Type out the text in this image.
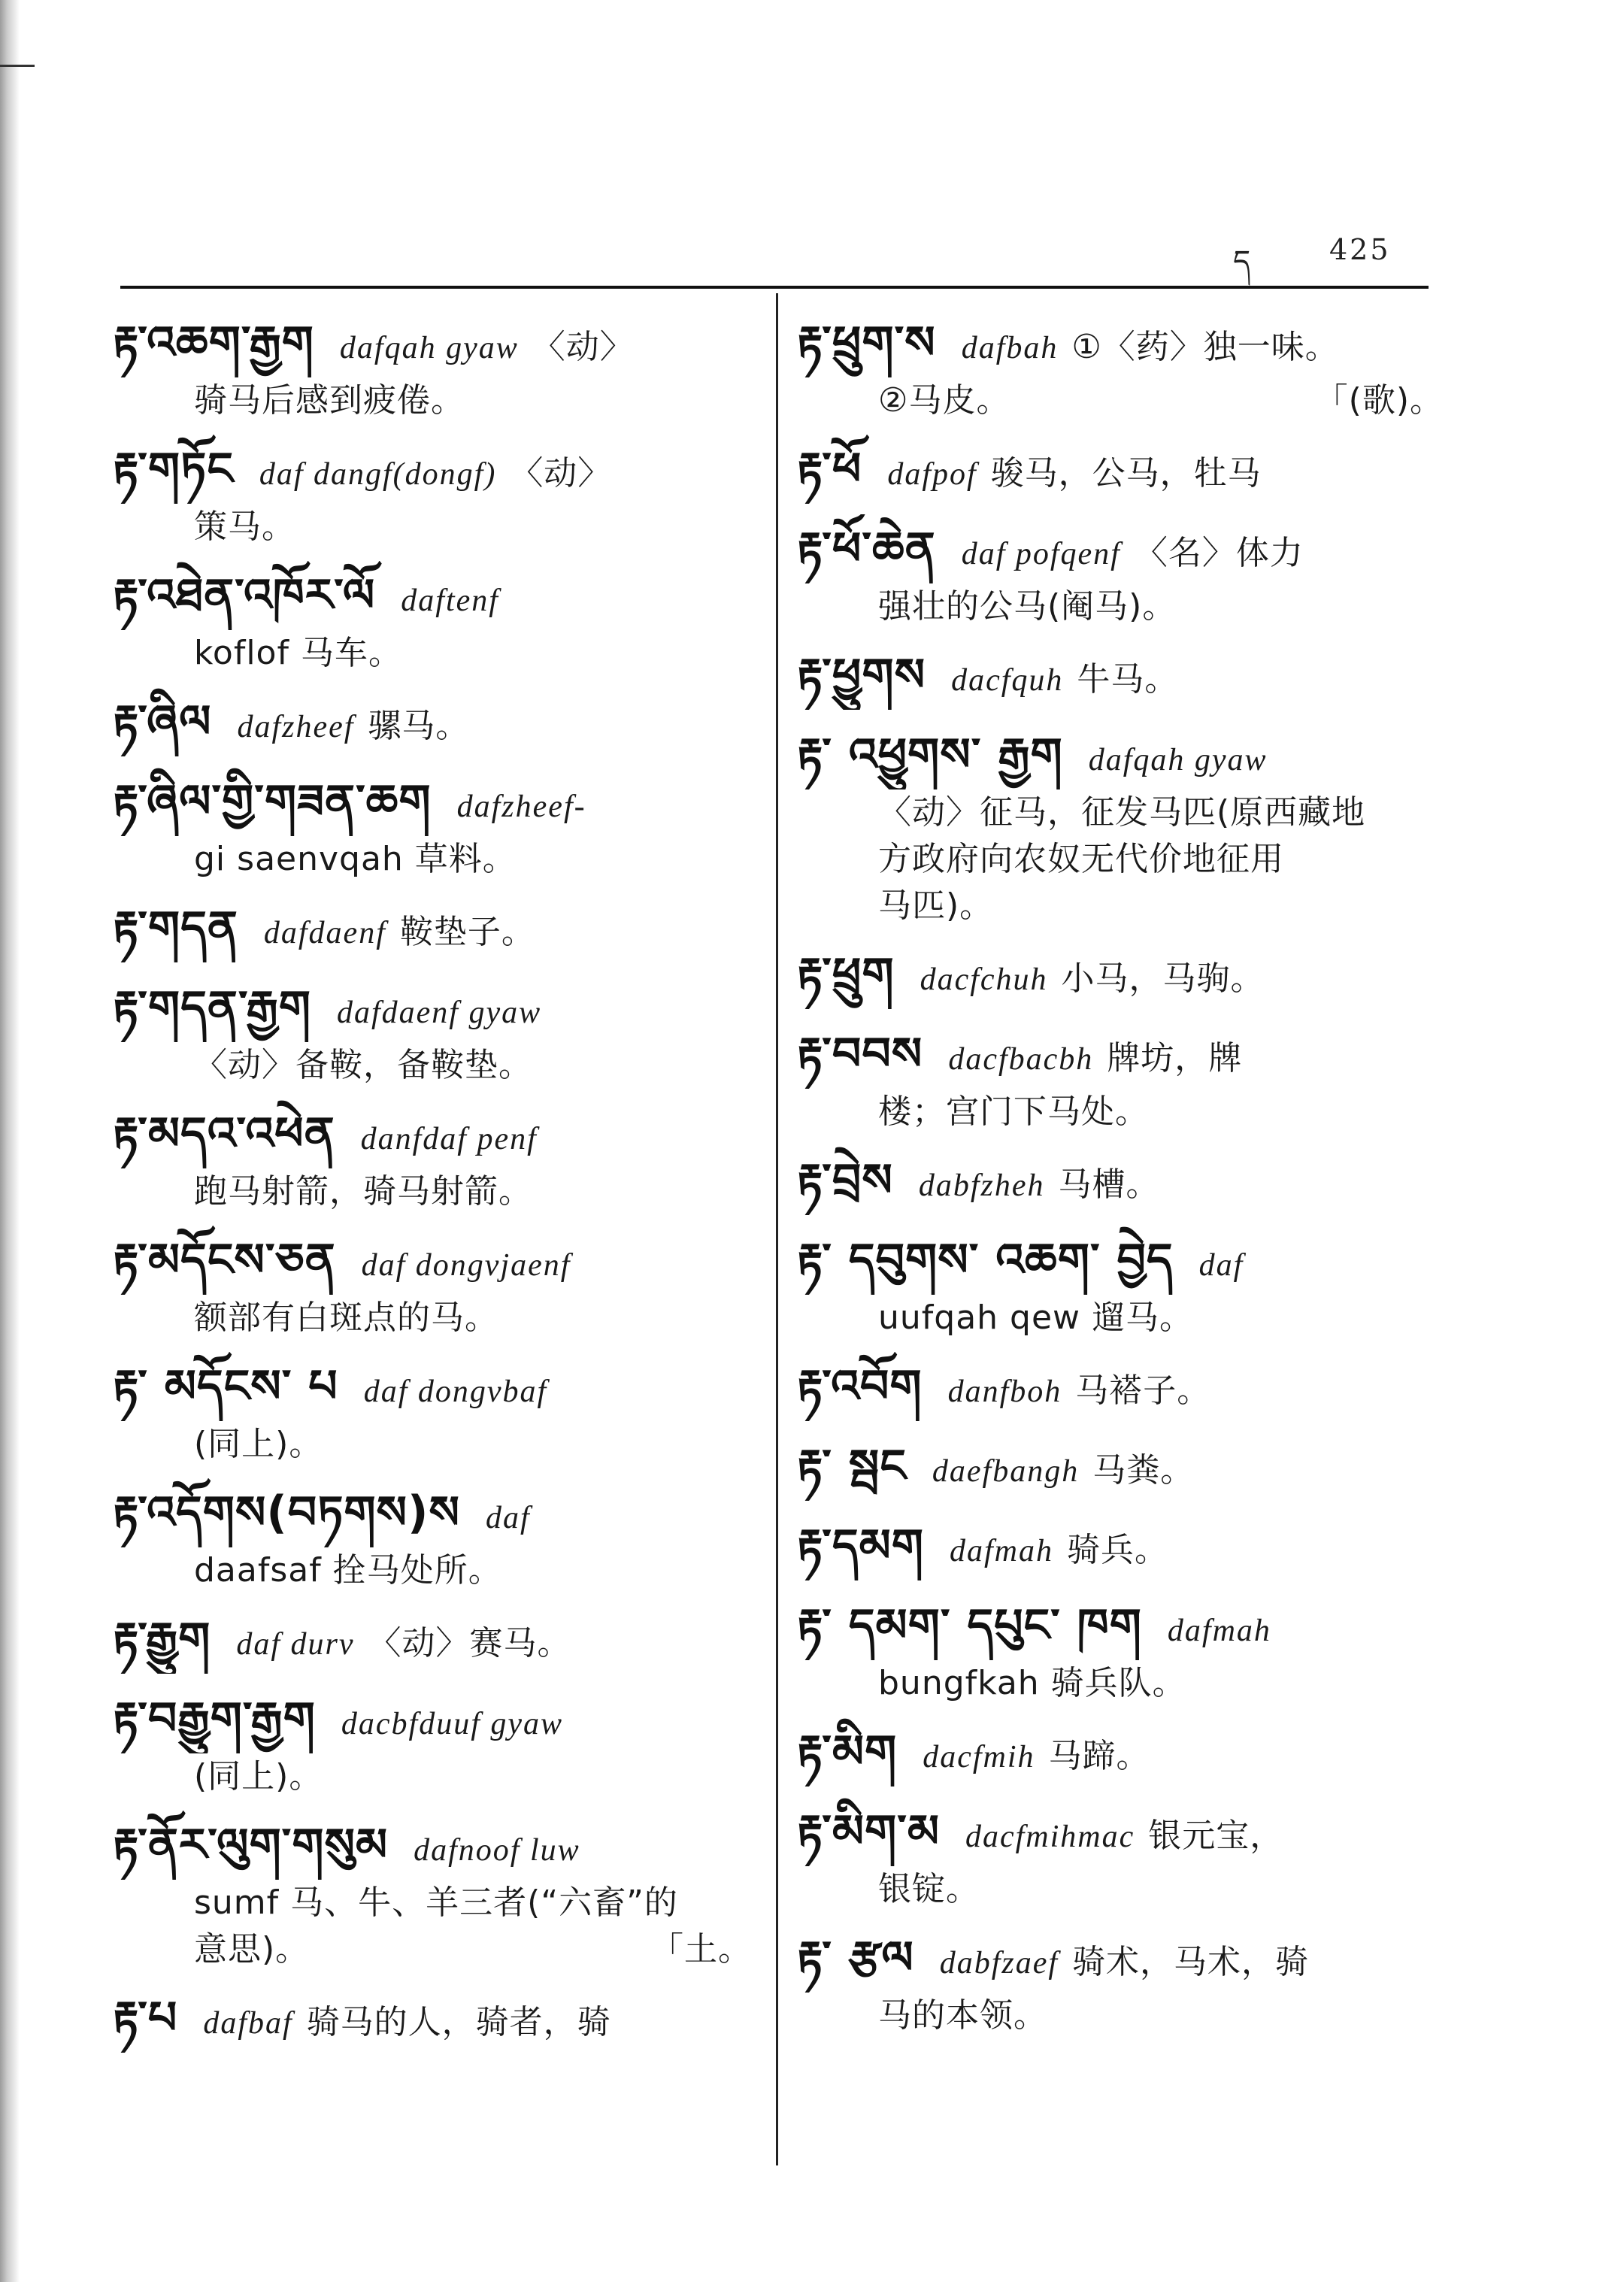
ད	425
རྟ་འཆག་རྒྱག dafqah gyaw 〈动〉
骑马后感到疲倦。
རྟ་གཏོང daf dangf(dongf) 〈动〉
策马。
རྟ་འཐེན་འཁོར་ལོ daftenf
koflof 马车。
རྟ་ཞིལ dafzheef 骡马。
རྟ་ཞིལ་གྱི་གཟན་ཆག dafzheef-
gi saenvqah 草料。
རྟ་གདན dafdaenf 鞍垫子。
རྟ་གདན་རྒྱག dafdaenf gyaw
〈动〉备鞍，备鞍垫。
རྟ་མདའ་འཕེན danfdaf penf
跑马射箭，骑马射箭。
རྟ་མདོངས་ཅན daf dongvjaenf
额部有白斑点的马。
རྟ་ མདོངས་ པ daf dongvbaf
(同上)。
རྟ་འདོགས(བཏགས)ས daf
daafsaf 拴马处所。
རྟ་རྒྱུག daf durv 〈动〉赛马。
རྟ་བརྒྱུག་རྒྱག dacbfduuf gyaw
(同上)。
རྟ་ནོར་ལུག་གསུམ dafnoof luw
sumf 马、牛、羊三者(“六畜”的
意思)。	「土。
རྟ་པ dafbaf 骑马的人，骑者，骑
རྟ་ཕྲུག་ས dafbah ①〈药〉独一味。
②马皮。	「(歌)。
རྟ་ཕོ dafpof 骏马，公马，牡马
རྟ་ཕོ་ཆེན daf pofqenf 〈名〉体力
强壮的公马(阉马)。
རྟ་ཕྱུགས dacfquh 牛马。
རྟ་ འཕྱུགས་ རྒྱག dafqah gyaw
〈动〉征马，征发马匹(原西藏地
方政府向农奴无代价地征用
马匹)。
རྟ་ཕྲུག dacfchuh 小马，马驹。
རྟ་བབས dacfbacbh 牌坊，牌
楼；宫门下马处。
རྟ་བྲེས dabfzheh 马槽。
རྟ་ དབུགས་ འཆག་ བྱེད daf
uufqah qew 遛马。
རྟ་འབོག danfboh 马褡子。
རྟ་ སྦང daefbangh 马粪。
རྟ་དམག dafmah 骑兵。
རྟ་ དམག་ དཔུང་ ཁག dafmah
bungfkah 骑兵队。
རྟ་མིག dacfmih 马蹄。
རྟ་མིག་མ dacfmihmac 银元宝，
银锭。
རྟ་ རྩལ dabfzaef 骑术，马术，骑
马的本领。
